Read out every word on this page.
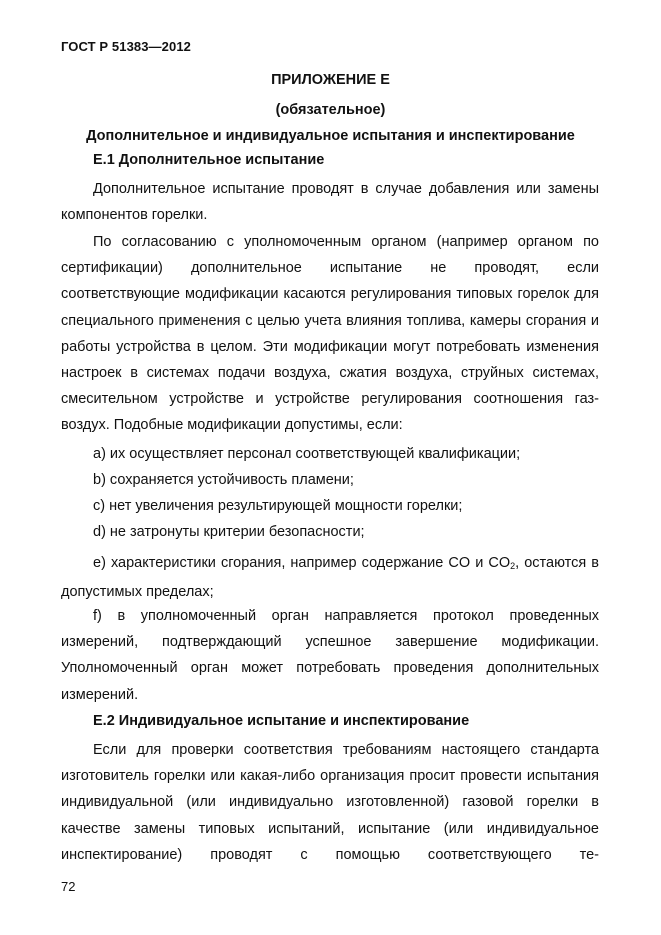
ГОСТ Р 51383—2012
ПРИЛОЖЕНИЕ Е
(обязательное)
Дополнительное и индивидуальное испытания и инспектирование
Е.1 Дополнительное испытание

Дополнительное испытание проводят в случае добавления или замены компонентов горелки.

По согласованию с уполномоченным органом (например органом по сертификации) дополнительное испытание не проводят, если соответствующие модификации касаются регулирования типовых горелок для специального применения с целью учета влияния топлива, камеры сгорания и работы устройства в целом. Эти модификации могут потребовать изменения настроек в системах подачи воздуха, сжатия воздуха, струйных системах, смесительном устройстве и устройстве регулирования соотношения газ-воздух. Подобные модификации допустимы, если:

а) их осуществляет персонал соответствующей квалификации;
b) сохраняется устойчивость пламени;
c) нет увеличения результирующей мощности горелки;
d) не затронуты критерии безопасности;

е) характеристики сгорания, например содержание CO и $CO_2$, остаются в допустимых пределах;

f) в уполномоченный орган направляется протокол проведенных измерений, подтверждающий успешное завершение модификации. Уполномоченный орган может потребовать проведения дополнительных измерений.

Е.2 Индивидуальное испытание и инспектирование

Если для проверки соответствия требованиям настоящего стандарта изготовитель горелки или какая-либо организация просит провести испытания индивидуальной (или индивидуально изготовленной) газовой горелки в качестве замены типовых испытаний, испытание (или индивидуальное инспектирование) проводят с помощью соответствующего те-

72
